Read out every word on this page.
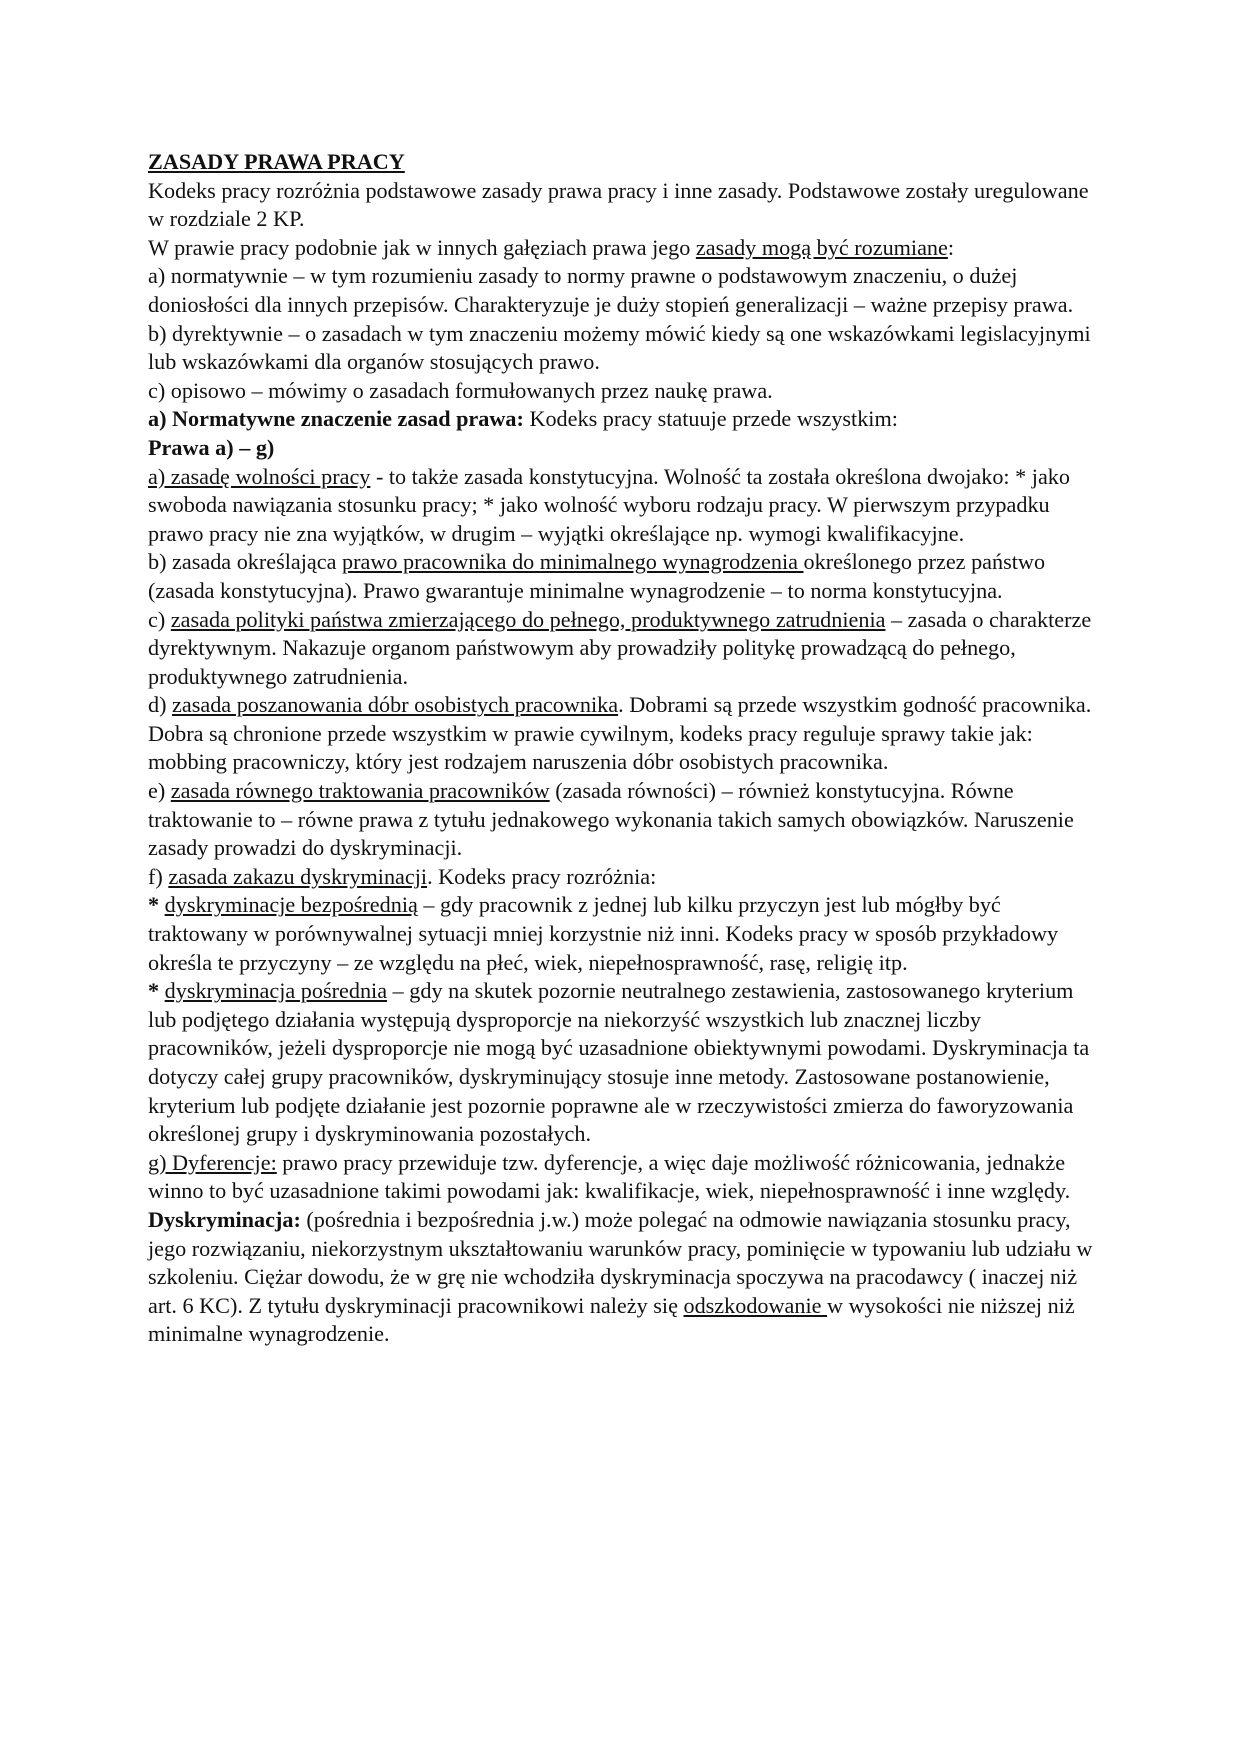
ZASADY PRAWA PRACY

Kodeks pracy rozróżnia podstawowe zasady prawa pracy i inne zasady. Podstawowe zostały uregulowane w rozdziale 2 KP.

W prawie pracy podobnie jak w innych gałęziach prawa jego zasady mogą być rozumiane:

a) normatywnie – w tym rozumieniu zasady to normy prawne o podstawowym znaczeniu, o dużej doniosłości dla innych przepisów. Charakteryzuje je duży stopień generalizacji – ważne przepisy prawa.

b) dyrektywnie – o zasadach w tym znaczeniu możemy mówić kiedy są one wskazówkami legislacyjnymi lub wskazówkami dla organów stosujących prawo.

c) opisowo – mówimy o zasadach formułowanych przez naukę prawa.

a) Normatywne znaczenie zasad prawa: Kodeks pracy statuuje przede wszystkim:

Prawa a) – g)

a) zasadę wolności pracy - to także zasada konstytucyjna. Wolność ta została określona dwojako: * jako swoboda nawiązania stosunku pracy; * jako wolność wyboru rodzaju pracy. W pierwszym przypadku prawo pracy nie zna wyjątków, w drugim – wyjątki określające np. wymogi kwalifikacyjne.

b) zasada określająca prawo pracownika do minimalnego wynagrodzenia określonego przez państwo (zasada konstytucyjna). Prawo gwarantuje minimalne wynagrodzenie – to norma konstytucyjna.

c) zasada polityki państwa zmierzającego do pełnego, produktywnego zatrudnienia – zasada o charakterze dyrektywnym. Nakazuje organom państwowym aby prowadziły politykę prowadzącą do pełnego, produktywnego zatrudnienia.

d) zasada poszanowania dóbr osobistych pracownika. Dobrami są przede wszystkim godność pracownika. Dobra są chronione przede wszystkim w prawie cywilnym, kodeks pracy reguluje sprawy takie jak: mobbing pracowniczy, który jest rodzajem naruszenia dóbr osobistych pracownika.

e) zasada równego traktowania pracowników (zasada równości) – również konstytucyjna. Równe traktowanie to – równe prawa z tytułu jednakowego wykonania takich samych obowiązków. Naruszenie zasady prowadzi do dyskryminacji.

f) zasada zakazu dyskryminacji. Kodeks pracy rozróżnia:

* dyskryminacje bezpośrednią – gdy pracownik z jednej lub kilku przyczyn jest lub mógłby być traktowany w porównywalnej sytuacji mniej korzystnie niż inni. Kodeks pracy w sposób przykładowy określa te przyczyny – ze względu na płeć, wiek, niepełnosprawność, rasę, religię itp.

* dyskryminacja pośrednia – gdy na skutek pozornie neutralnego zestawienia, zastosowanego kryterium lub podjętego działania występują dysproporcje na niekorzyść wszystkich lub znacznej liczby pracowników, jeżeli dysproporcje nie mogą być uzasadnione obiektywnymi powodami. Dyskryminacja ta dotyczy całej grupy pracowników, dyskryminujący stosuje inne metody. Zastosowane postanowienie, kryterium lub podjęte działanie jest pozornie poprawne ale w rzeczywistości zmierza do faworyzowania określonej grupy i dyskryminowania pozostałych.

g) Dyferencje: prawo pracy przewiduje tzw. dyferencje, a więc daje możliwość różnicowania, jednakże winno to być uzasadnione takimi powodami jak: kwalifikacje, wiek, niepełnosprawność i inne względy.

Dyskryminacja: (pośrednia i bezpośrednia j.w.) może polegać na odmowie nawiązania stosunku pracy, jego rozwiązaniu, niekorzystnym ukształtowaniu warunków pracy, pominięcie w typowaniu lub udziału w szkoleniu. Ciężar dowodu, że w grę nie wchodziła dyskryminacja spoczywa na pracodawcy ( inaczej niż art. 6 KC). Z tytułu dyskryminacji pracownikowi należy się odszkodowanie w wysokości nie niższej niż minimalne wynagrodzenie.
